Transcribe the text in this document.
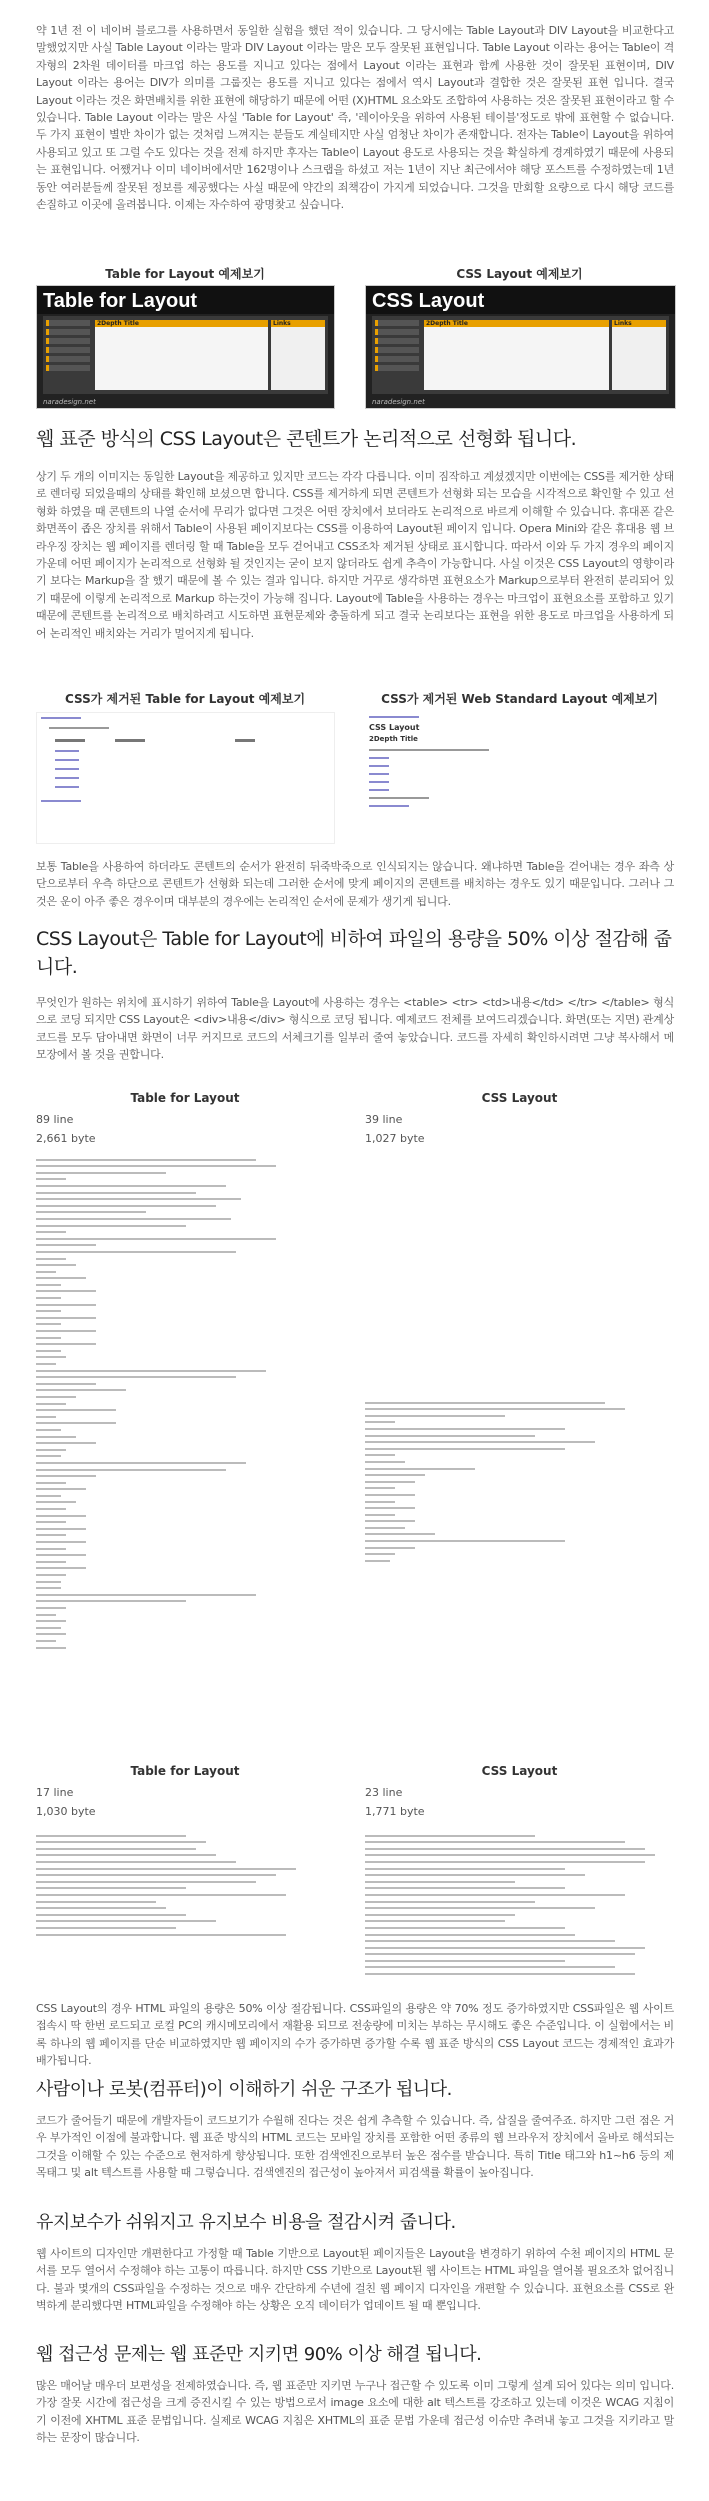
약 1년 전 이 네이버 블로그를 사용하면서 동일한 실험을 했던 적이 있습니다. 그 당시에는 Table Layout과 DIV Layout을 비교한다고 말했었지만 사실 Table Layout 이라는 말과 DIV Layout 이라는 말은 모두 잘못된 표현입니다. Table Layout 이라는 용어는 Table이 격자형의 2차원 데이터를 마크업 하는 용도를 지니고 있다는 점에서 Layout 이라는 표현과 함께 사용한 것이 잘못된 표현이며, DIV Layout 이라는 용어는 DIV가 의미를 그룹짓는 용도를 지니고 있다는 점에서 역시 Layout과 결합한 것은 잘못된 표현 입니다. 결국 Layout 이라는 것은 화면배치를 위한 표현에 해당하기 때문에 어떤 (X)HTML 요소와도 조합하여 사용하는 것은 잘못된 표현이라고 할 수 있습니다. Table Layout 이라는 말은 사실 'Table for Layout' 즉, '레이아웃을 위하여 사용된 테이블'정도로 밖에 표현할 수 없습니다. 두 가지 표현이 별반 차이가 없는 것처럼 느껴지는 분들도 계실테지만 사실 엄청난 차이가 존재합니다. 전자는 Table이 Layout을 위하여 사용되고 있고 또 그럴 수도 있다는 것을 전제 하지만 후자는 Table이 Layout 용도로 사용되는 것을 확실하게 경계하였기 때문에 사용되는 표현입니다. 어쨌거나 이미 네이버에서만 162명이나 스크랩을 하셨고 저는 1년이 지난 최근에서야 해당 포스트를 수정하였는데 1년동안 여러분들께 잘못된 정보를 제공했다는 사실 때문에 약간의 죄책감이 가지게 되었습니다. 그것을 만회할 요량으로 다시 해당 코드를 손질하고 이곳에 올려봅니다. 이제는 자수하여 광명찾고 싶습니다.

Table for Layout 예제보기	CSS Layout 예제보기
Table for Layout
2Depth Title	Links
naradesign.net
CSS Layout
2Depth Title	Links
naradesign.net
웹 표준 방식의 CSS Layout은 콘텐트가 논리적으로 선형화 됩니다.

상기 두 개의 이미지는 동일한 Layout을 제공하고 있지만 코드는 각각 다릅니다. 이미 짐작하고 계셨겠지만 이번에는 CSS를 제거한 상태로 렌더링 되었을때의 상태를 확인해 보셨으면 합니다. CSS를 제거하게 되면 콘텐트가 선형화 되는 모습을 시각적으로 확인할 수 있고 선형화 하였을 때 콘텐트의 나열 순서에 무리가 없다면 그것은 어떤 장치에서 보더라도 논리적으로 바르게 이해할 수 있습니다. 휴대폰 같은 화면폭이 좁은 장치를 위해서 Table이 사용된 페이지보다는 CSS를 이용하여 Layout된 페이지 입니다. Opera Mini와 같은 휴대용 웹 브라우징 장치는 웹 페이지를 렌더링 할 때 Table을 모두 걷어내고 CSS조차 제거된 상태로 표시합니다. 따라서 이와 두 가지 경우의 페이지 가운데 어떤 페이지가 논리적으로 선형화 될 것인지는 굳이 보지 않더라도 쉽게 추측이 가능합니다. 사실 이것은 CSS Layout의 영향이라기 보다는 Markup을 잘 했기 때문에 볼 수 있는 결과 입니다. 하지만 거꾸로 생각하면 표현요소가 Markup으로부터 완전히 분리되어 있기 때문에 이렇게 논리적으로 Markup 하는것이 가능해 집니다. Layout에 Table을 사용하는 경우는 마크업이 표현요소를 포함하고 있기 때문에 콘텐트를 논리적으로 배치하려고 시도하면 표현문제와 충돌하게 되고 결국 논리보다는 표현을 위한 용도로 마크업을 사용하게 되어 논리적인 배치와는 거리가 멀어지게 됩니다.

CSS가 제거된 Table for Layout 예제보기	CSS가 제거된 Web Standard Layout 예제보기
CSS Layout
2Depth Title

보통 Table을 사용하여 하더라도 콘텐트의 순서가 완전히 뒤죽박죽으로 인식되지는 않습니다. 왜냐하면 Table을 걷어내는 경우 좌측 상단으로부터 우측 하단으로 콘텐트가 선형화 되는데 그러한 순서에 맞게 페이지의 콘텐트를 배치하는 경우도 있기 때문입니다. 그러나 그것은 운이 아주 좋은 경우이며 대부분의 경우에는 논리적인 순서에 문제가 생기게 됩니다.

CSS Layout은 Table for Layout에 비하여 파일의 용량을 50% 이상 절감해 줍니다.

무엇인가 원하는 위치에 표시하기 위하여 Table을 Layout에 사용하는 경우는 <table> <tr> <td>내용</td> </tr> </table> 형식으로 코딩 되지만 CSS Layout은 <div>내용</div> 형식으로 코딩 됩니다. 예제코드 전체를 보여드리겠습니다. 화면(또는 지면) 관계상 코드를 모두 담아내면 화면이 너무 커지므로 코드의 서체크기를 일부러 줄여 놓았습니다. 코드를 자세히 확인하시려면 그냥 복사해서 메모장에서 볼 것을 권합니다.

Table for Layout	CSS Layout
89 line
2,661 byte
39 line
1,027 byte

Table for Layout	CSS Layout
17 line
1,030 byte
23 line
1,771 byte

CSS Layout의 경우 HTML 파일의 용량은 50% 이상 절감됩니다. CSS파일의 용량은 약 70% 정도 증가하였지만 CSS파일은 웹 사이트 접속시 딱 한번 로드되고 로컬 PC의 캐시메모리에서 재활용 되므로 전송량에 미치는 부하는 무시해도 좋은 수준입니다. 이 실험에서는 비록 하나의 웹 페이지를 단순 비교하였지만 웹 페이지의 수가 증가하면 증가할 수록 웹 표준 방식의 CSS Layout 코드는 경제적인 효과가 배가됩니다.

사람이나 로봇(컴퓨터)이 이해하기 쉬운 구조가 됩니다.

코드가 줄어들기 때문에 개발자들이 코드보기가 수월해 진다는 것은 쉽게 추측할 수 있습니다. 즉, 삽질을 줄여주죠. 하지만 그런 점은 거우 부가적인 이점에 불과합니다. 웹 표준 방식의 HTML 코드는 모바일 장치를 포함한 어떤 종류의 웹 브라우저 장치에서 올바로 해석되는 그것을 이해할 수 있는 수준으로 현저하게 향상됩니다. 또한 검색엔진으로부터 높은 점수를 받습니다. 특히 Title 태그와 h1~h6 등의 제목태그 및 alt 텍스트를 사용할 때 그렇습니다. 검색엔진의 접근성이 높아져서 피검색률 확률이 높아집니다.

유지보수가 쉬워지고 유지보수 비용을 절감시켜 줍니다.

웹 사이트의 디자인만 개편한다고 가정할 때 Table 기반으로 Layout된 페이지들은 Layout을 변경하기 위하여 수천 페이지의 HTML 문서를 모두 열어서 수정해야 하는 고통이 따릅니다. 하지만 CSS 기반으로 Layout된 웹 사이트는 HTML 파일을 열어볼 필요조차 없어집니다. 불과 몇개의 CSS파일을 수정하는 것으로 매우 간단하게 수년에 걸친 웹 페이지 디자인을 개편할 수 있습니다. 표현요소를 CSS로 완벽하게 분리했다면 HTML파일을 수정해야 하는 상황은 오직 데이터가 업데이트 될 때 뿐입니다.

웹 접근성 문제는 웹 표준만 지키면 90% 이상 해결 됩니다.

많은 매어날 매우더 보편성을 전제하였습니다. 즉, 웹 표준만 지키면 누구나 접근할 수 있도록 이미 그렇게 설계 되어 있다는 의미 입니다. 가장 잘못 시간에 접근성을 크게 증진시킬 수 있는 방법으로서 image 요소에 대한 alt 텍스트를 강조하고 있는데 이것은 WCAG 지침이기 이전에 XHTML 표준 문법입니다. 실제로 WCAG 지침은 XHTML의 표준 문법 가운데 접근성 이슈만 추려내 놓고 그것을 지키라고 말하는 문장이 많습니다.
